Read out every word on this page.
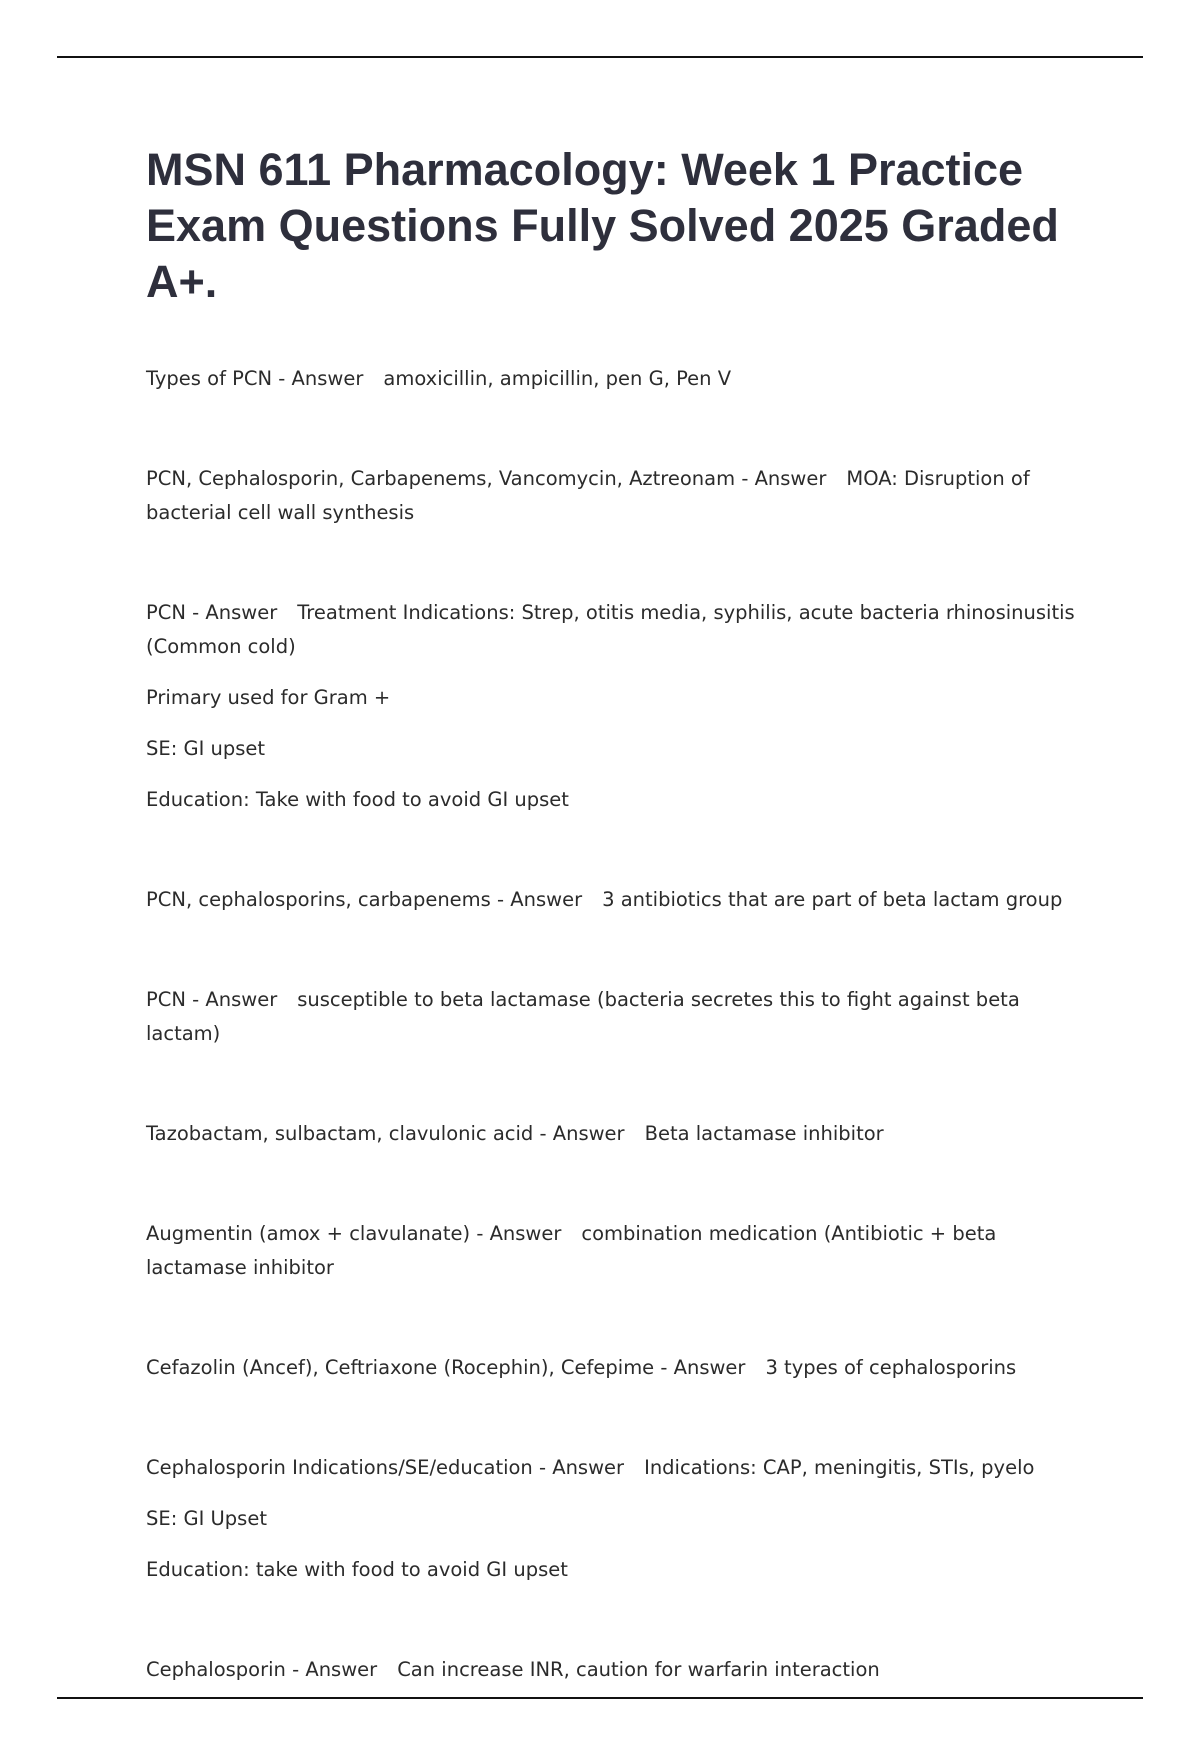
MSN 611 Pharmacology: Week 1 Practice Exam Questions Fully Solved 2025 Graded A+.

Types of PCN - Answer amoxicillin, ampicillin, pen G, Pen V

PCN, Cephalosporin, Carbapenems, Vancomycin, Aztreonam - Answer MOA: Disruption of bacterial cell wall synthesis

PCN - Answer Treatment Indications: Strep, otitis media, syphilis, acute bacteria rhinosinusitis (Common cold)

Primary used for Gram +

SE: GI upset

Education: Take with food to avoid GI upset

PCN, cephalosporins, carbapenems - Answer 3 antibiotics that are part of beta lactam group

PCN - Answer susceptible to beta lactamase (bacteria secretes this to fight against beta lactam)

Tazobactam, sulbactam, clavulonic acid - Answer Beta lactamase inhibitor

Augmentin (amox + clavulanate) - Answer combination medication (Antibiotic + beta lactamase inhibitor

Cefazolin (Ancef), Ceftriaxone (Rocephin), Cefepime - Answer 3 types of cephalosporins

Cephalosporin Indications/SE/education - Answer Indications: CAP, meningitis, STIs, pyelo

SE: GI Upset

Education: take with food to avoid GI upset

Cephalosporin - Answer Can increase INR, caution for warfarin interaction
